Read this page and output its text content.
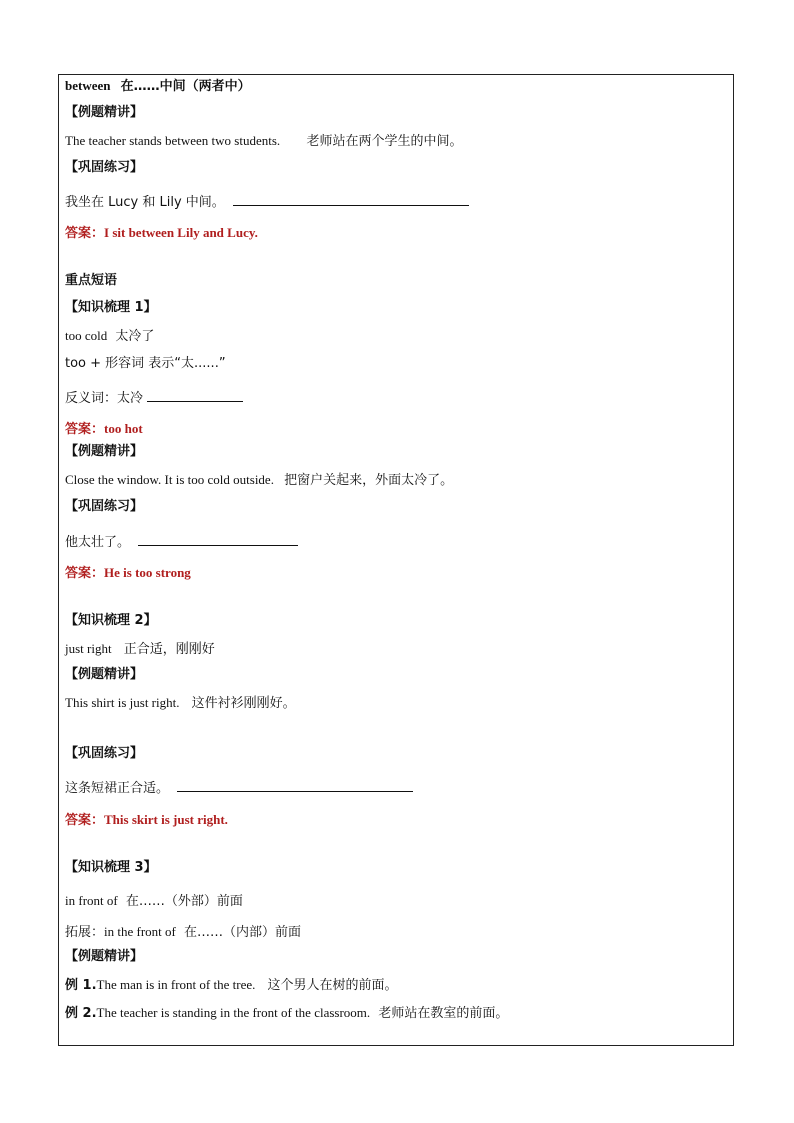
between 在……中间（两者中）
【例题精讲】
The teacher stands between two students. 老师站在两个学生的中间。
【巩固练习】
我坐在 Lucy 和 Lily 中间。
答案：I sit between Lily and Lucy.
重点短语
【知识梳理 1】
too cold 太冷了
too + 形容词 表示“太......”
反义词：太冷
答案：too hot
【例题精讲】
Close the window. It is too cold outside. 把窗户关起来，外面太冷了。
【巩固练习】
他太壮了。
答案：He is too strong
【知识梳理 2】
just right 正合适，刚刚好
【例题精讲】
This shirt is just right. 这件衬衫刚刚好。
【巩固练习】
这条短裙正合适。
答案：This skirt is just right.
【知识梳理 3】
in front of 在……（外部）前面
拓展：in the front of 在……（内部）前面
【例题精讲】
例 1.The man is in front of the tree. 这个男人在树的前面。
例 2.The teacher is standing in the front of the classroom. 老师站在教室的前面。
